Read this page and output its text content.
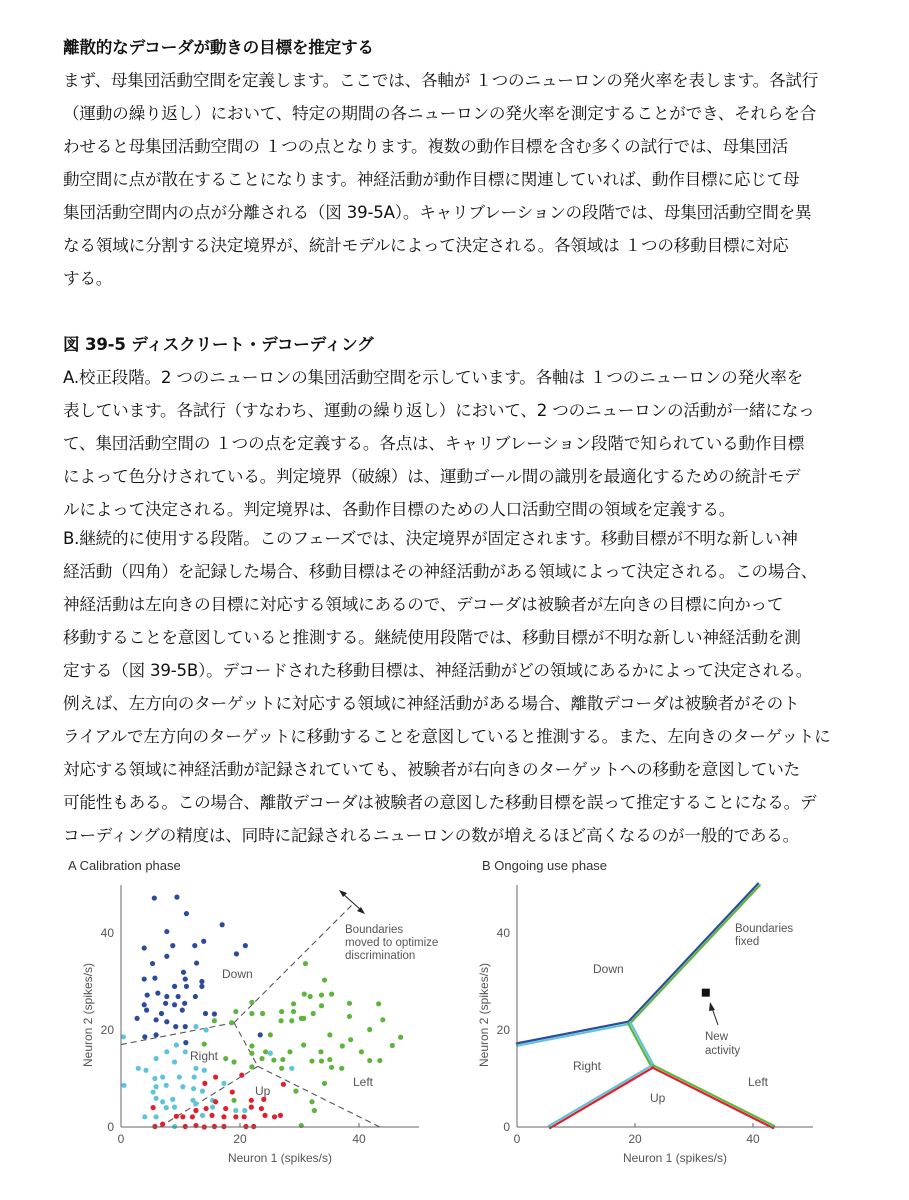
離散的なデコーダが動きの目標を推定する
まず、母集団活動空間を定義します。ここでは、各軸が １つのニューロンの発火率を表します。各試行
（運動の繰り返し）において、特定の期間の各ニューロンの発火率を測定することができ、それらを合
わせると母集団活動空間の １つの点となります。複数の動作目標を含む多くの試行では、母集団活
動空間に点が散在することになります。神経活動が動作目標に関連していれば、動作目標に応じて母
集団活動空間内の点が分離される（図 39-5A）。キャリブレーションの段階では、母集団活動空間を異
なる領域に分割する決定境界が、統計モデルによって決定される。各領域は １つの移動目標に対応
する。
図 39-5 ディスクリート・デコーディング
A.校正段階。2 つのニューロンの集団活動空間を示しています。各軸は １つのニューロンの発火率を
表しています。各試行（すなわち、運動の繰り返し）において、2 つのニューロンの活動が一緒になっ
て、集団活動空間の １つの点を定義する。各点は、キャリブレーション段階で知られている動作目標
によって色分けされている。判定境界（破線）は、運動ゴール間の識別を最適化するための統計モデ
ルによって決定される。判定境界は、各動作目標のための人口活動空間の領域を定義する。
B.継続的に使用する段階。このフェーズでは、決定境界が固定されます。移動目標が不明な新しい神
経活動（四角）を記録した場合、移動目標はその神経活動がある領域によって決定される。この場合、
神経活動は左向きの目標に対応する領域にあるので、デコーダは被験者が左向きの目標に向かって
移動することを意図していると推測する。継続使用段階では、移動目標が不明な新しい神経活動を測
定する（図 39-5B）。デコードされた移動目標は、神経活動がどの領域にあるかによって決定される。
例えば、左方向のターゲットに対応する領域に神経活動がある場合、離散デコーダは被験者がそのト
ライアルで左方向のターゲットに移動することを意図していると推測する。また、左向きのターゲットに
対応する領域に神経活動が記録されていても、被験者が右向きのターゲットへの移動を意図していた
可能性もある。この場合、離散デコーダは被験者の意図した移動目標を誤って推定することになる。デ
コーディングの精度は、同時に記録されるニューロンの数が増えるほど高くなるのが一般的である。
A Calibration phase
0	20	40
0
20
40
Neuron 1 (spikes/s)
Neuron 2 (spikes/s)	Down
Right
Up
Left
Boundaries
moved to optimize
discrimination
B Ongoing use phase
0	20	40
0
20
40
Neuron 1 (spikes/s)
Neuron 2 (spikes/s)	Down
Right
Up
Left
Boundaries
fixed
New
activity
